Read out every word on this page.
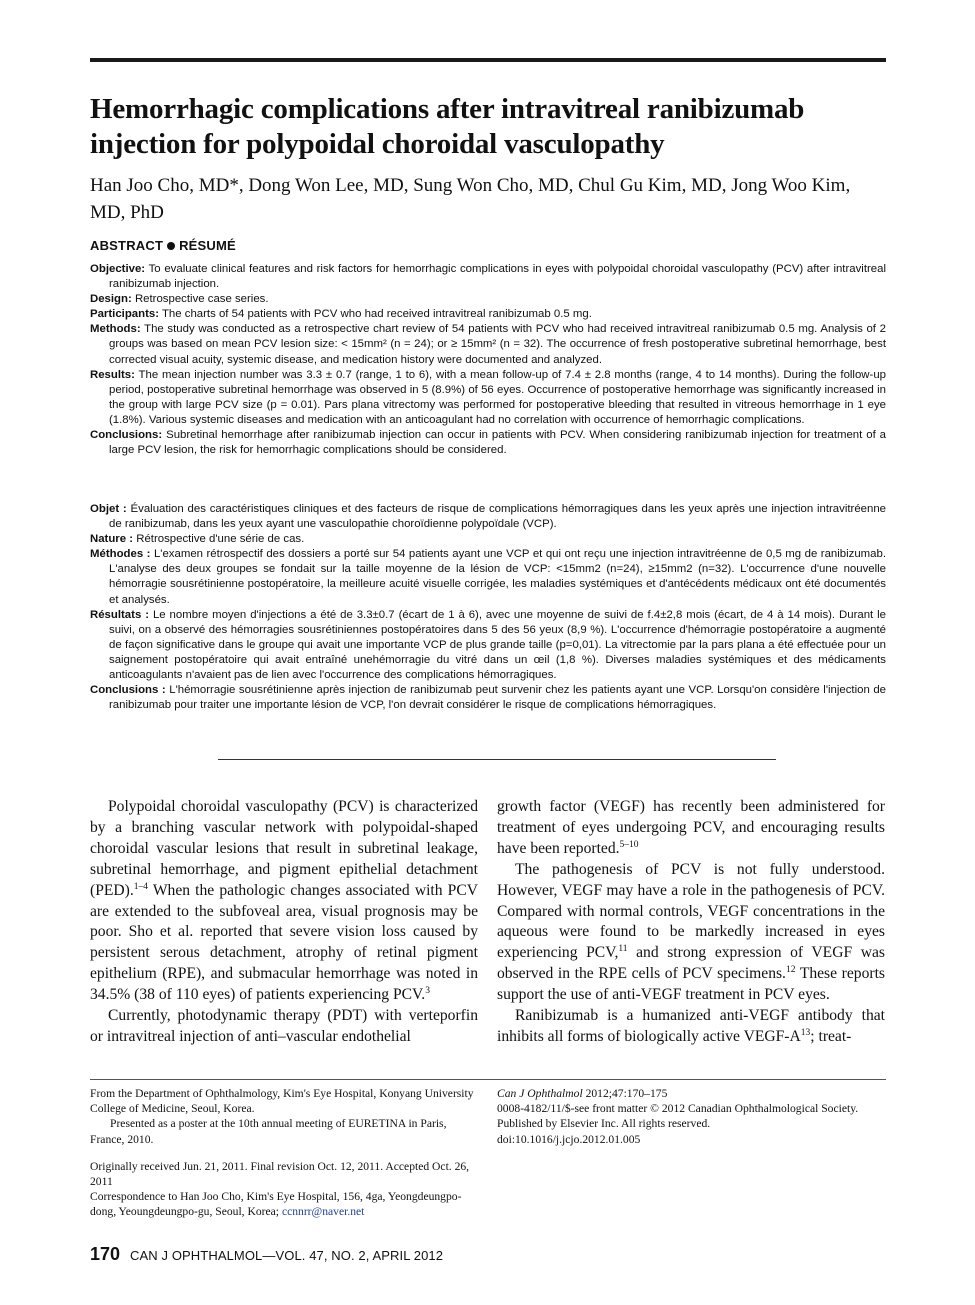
Hemorrhagic complications after intravitreal ranibizumab injection for polypoidal choroidal vasculopathy
Han Joo Cho, MD*, Dong Won Lee, MD, Sung Won Cho, MD, Chul Gu Kim, MD, Jong Woo Kim, MD, PhD
ABSTRACT RÉSUMÉ

Objective: To evaluate clinical features and risk factors for hemorrhagic complications in eyes with polypoidal choroidal vasculopathy (PCV) after intravitreal ranibizumab injection.

Design: Retrospective case series.

Participants: The charts of 54 patients with PCV who had received intravitreal ranibizumab 0.5 mg.

Methods: The study was conducted as a retrospective chart review of 54 patients with PCV who had received intravitreal ranibizumab 0.5 mg. Analysis of 2 groups was based on mean PCV lesion size: < 15mm² (n = 24); or ≥ 15mm² (n = 32). The occurrence of fresh postoperative subretinal hemorrhage, best corrected visual acuity, systemic disease, and medication history were documented and analyzed.

Results: The mean injection number was 3.3 ± 0.7 (range, 1 to 6), with a mean follow-up of 7.4 ± 2.8 months (range, 4 to 14 months). During the follow-up period, postoperative subretinal hemorrhage was observed in 5 (8.9%) of 56 eyes. Occurrence of postoperative hemorrhage was significantly increased in the group with large PCV size (p = 0.01). Pars plana vitrectomy was performed for postoperative bleeding that resulted in vitreous hemorrhage in 1 eye (1.8%). Various systemic diseases and medication with an anticoagulant had no correlation with occurrence of hemorrhagic complications.

Conclusions: Subretinal hemorrhage after ranibizumab injection can occur in patients with PCV. When considering ranibizumab injection for treatment of a large PCV lesion, the risk for hemorrhagic complications should be considered.

Objet : Évaluation des caractéristiques cliniques et des facteurs de risque de complications hémorragiques dans les yeux après une injection intravitréenne de ranibizumab, dans les yeux ayant une vasculopathie choroïdienne polypoïdale (VCP).

Nature : Rétrospective d'une série de cas.

Méthodes : L'examen rétrospectif des dossiers a porté sur 54 patients ayant une VCP et qui ont reçu une injection intravitréenne de 0,5 mg de ranibizumab. L'analyse des deux groupes se fondait sur la taille moyenne de la lésion de VCP: <15mm2 (n=24), ≥15mm2 (n=32). L'occurrence d'une nouvelle hémorragie sousrétinienne postopératoire, la meilleure acuité visuelle corrigée, les maladies systémiques et d'antécédents médicaux ont été documentés et analysés.

Résultats : Le nombre moyen d'injections a été de 3.3±0.7 (écart de 1 à 6), avec une moyenne de suivi de f.4±2,8 mois (écart, de 4 à 14 mois). Durant le suivi, on a observé des hémorragies sousrétiniennes postopératoires dans 5 des 56 yeux (8,9 %). L'occurrence d'hémorragie postopératoire a augmenté de façon significative dans le groupe qui avait une importante VCP de plus grande taille (p=0,01). La vitrectomie par la pars plana a été effectuée pour un saignement postopératoire qui avait entraîné unehémorragie du vitré dans un œil (1,8 %). Diverses maladies systémiques et des médicaments anticoagulants n'avaient pas de lien avec l'occurrence des complications hémorragiques.

Conclusions : L'hémorragie sousrétinienne après injection de ranibizumab peut survenir chez les patients ayant une VCP. Lorsqu'on considère l'injection de ranibizumab pour traiter une importante lésion de VCP, l'on devrait considérer le risque de complications hémorragiques.

Polypoidal choroidal vasculopathy (PCV) is characterized by a branching vascular network with polypoidal-shaped choroidal vascular lesions that result in subretinal leakage, subretinal hemorrhage, and pigment epithelial detachment (PED).$^{1-4}$ When the pathologic changes associated with PCV are extended to the subfoveal area, visual prognosis may be poor. Sho et al. reported that severe vision loss caused by persistent serous detachment, atrophy of retinal pigment epithelium (RPE), and submacular hemorrhage was noted in 34.5% (38 of 110 eyes) of patients experiencing PCV.$^3$

Currently, photodynamic therapy (PDT) with verteporfin or intravitreal injection of anti–vascular endothelial

growth factor (VEGF) has recently been administered for treatment of eyes undergoing PCV, and encouraging results have been reported.$^{5-10}$

The pathogenesis of PCV is not fully understood. However, VEGF may have a role in the pathogenesis of PCV. Compared with normal controls, VEGF concentrations in the aqueous were found to be markedly increased in eyes experiencing PCV,$^{11}$ and strong expression of VEGF was observed in the RPE cells of PCV specimens.$^{12}$ These reports support the use of anti-VEGF treatment in PCV eyes.

Ranibizumab is a humanized anti-VEGF antibody that inhibits all forms of biologically active VEGF-$A^{13}$; treat-

From the Department of Ophthalmology, Kim's Eye Hospital, Konyang University College of Medicine, Seoul, Korea.

Presented as a poster at the 10th annual meeting of EURETINA in Paris, France, 2010.

Originally received Jun. 21, 2011. Final revision Oct. 12, 2011. Accepted Oct. 26, 2011

Correspondence to Han Joo Cho, Kim's Eye Hospital, 156, 4ga, Yeongdeungpo-dong, Yeoungdeungpo-gu, Seoul, Korea; ccnnrr@naver.net

Can J Ophthalmol 2012;47:170–175

0008-4182/11/$-see front matter © 2012 Canadian Ophthalmological Society. Published by Elsevier Inc. All rights reserved.

doi:10.1016/j.jcjo.2012.01.005

170 CAN J OPHTHALMOL—VOL. 47, NO. 2, APRIL 2012
